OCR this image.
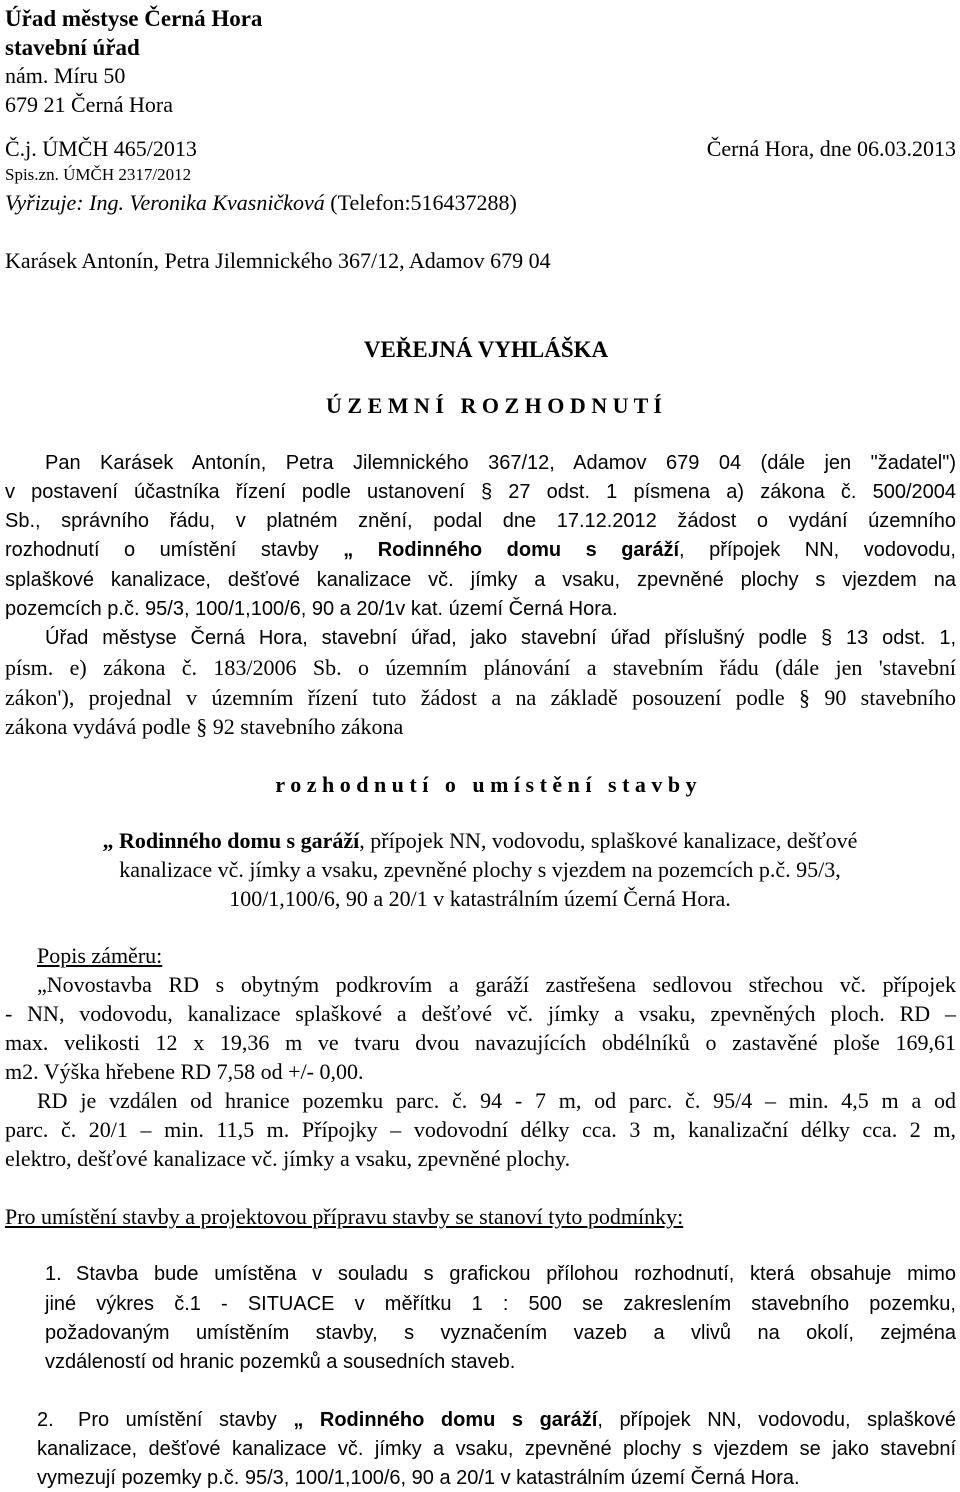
Úřad městyse Černá Hora
stavební úřad
nám. Míru 50
679 21 Černá Hora
Č.j. ÚMČH 465/2013	Černá Hora, dne 06.03.2013
Spis.zn. ÚMČH 2317/2012
Vyřizuje: Ing. Veronika Kvasničková (Telefon:516437288)
Karásek Antonín, Petra Jilemnického 367/12, Adamov 679 04
VEŘEJNÁ VYHLÁŠKA
Ú Z E M N Í   R O Z H O D N U T Í
Pan Karásek Antonín, Petra Jilemnického 367/12, Adamov 679 04 (dále jen "žadatel")
v postavení účastníka řízení podle ustanovení § 27 odst. 1 písmena a) zákona č. 500/2004
Sb., správního řádu, v platném znění, podal dne 17.12.2012 žádost o vydání územního
rozhodnutí o umístění stavby „ Rodinného domu s garáží, přípojek NN, vodovodu,
splaškové kanalizace, dešťové kanalizace vč. jímky a vsaku, zpevněné plochy s vjezdem na
pozemcích p.č. 95/3, 100/1,100/6, 90 a 20/1v kat. území Černá Hora.
Úřad městyse Černá Hora, stavební úřad, jako stavební úřad příslušný podle § 13 odst. 1,
písm. e) zákona č. 183/2006 Sb. o územním plánování a stavebním řádu (dále jen 'stavební
zákon'), projednal v územním řízení tuto žádost a na základě posouzení podle § 90 stavebního
zákona vydává podle § 92 stavebního zákona
r o z h o d n u t í   o   u m í s t ě n í   s t a v b y
„ Rodinného domu s garáží, přípojek NN, vodovodu, splaškové kanalizace, dešťové
kanalizace vč. jímky a vsaku, zpevněné plochy s vjezdem na pozemcích p.č. 95/3,
100/1,100/6, 90 a 20/1 v katastrálním území Černá Hora.
Popis záměru:
„Novostavba RD s obytným podkrovím a garáží zastřešena sedlovou střechou vč. přípojek
- NN, vodovodu, kanalizace splaškové a dešťové vč. jímky a vsaku, zpevněných ploch. RD –
max. velikosti 12 x 19,36 m ve tvaru dvou navazujících obdélníků o zastavěné ploše 169,61
m2. Výška hřebene RD 7,58 od +/- 0,00.
RD je vzdálen od hranice pozemku parc. č. 94 - 7 m, od parc. č. 95/4 – min. 4,5 m a od
parc. č. 20/1 – min. 11,5 m. Přípojky – vodovodní délky cca. 3 m, kanalizační délky cca. 2 m,
elektro, dešťové kanalizace vč. jímky a vsaku, zpevněné plochy.
Pro umístění stavby a projektovou přípravu stavby se stanoví tyto podmínky:
1. Stavba bude umístěna v souladu s grafickou přílohou rozhodnutí, která obsahuje mimo
jiné výkres č.1 - SITUACE v měřítku 1 : 500 se zakreslením stavebního pozemku,
požadovaným umístěním stavby, s vyznačením vazeb a vlivů na okolí, zejména
vzdáleností od hranic pozemků a sousedních staveb.
2. Pro umístění stavby „ Rodinného domu s garáží, přípojek NN, vodovodu, splaškové
kanalizace, dešťové kanalizace vč. jímky a vsaku, zpevněné plochy s vjezdem se jako stavební
vymezují pozemky p.č. 95/3, 100/1,100/6, 90 a 20/1 v katastrálním území Černá Hora.
